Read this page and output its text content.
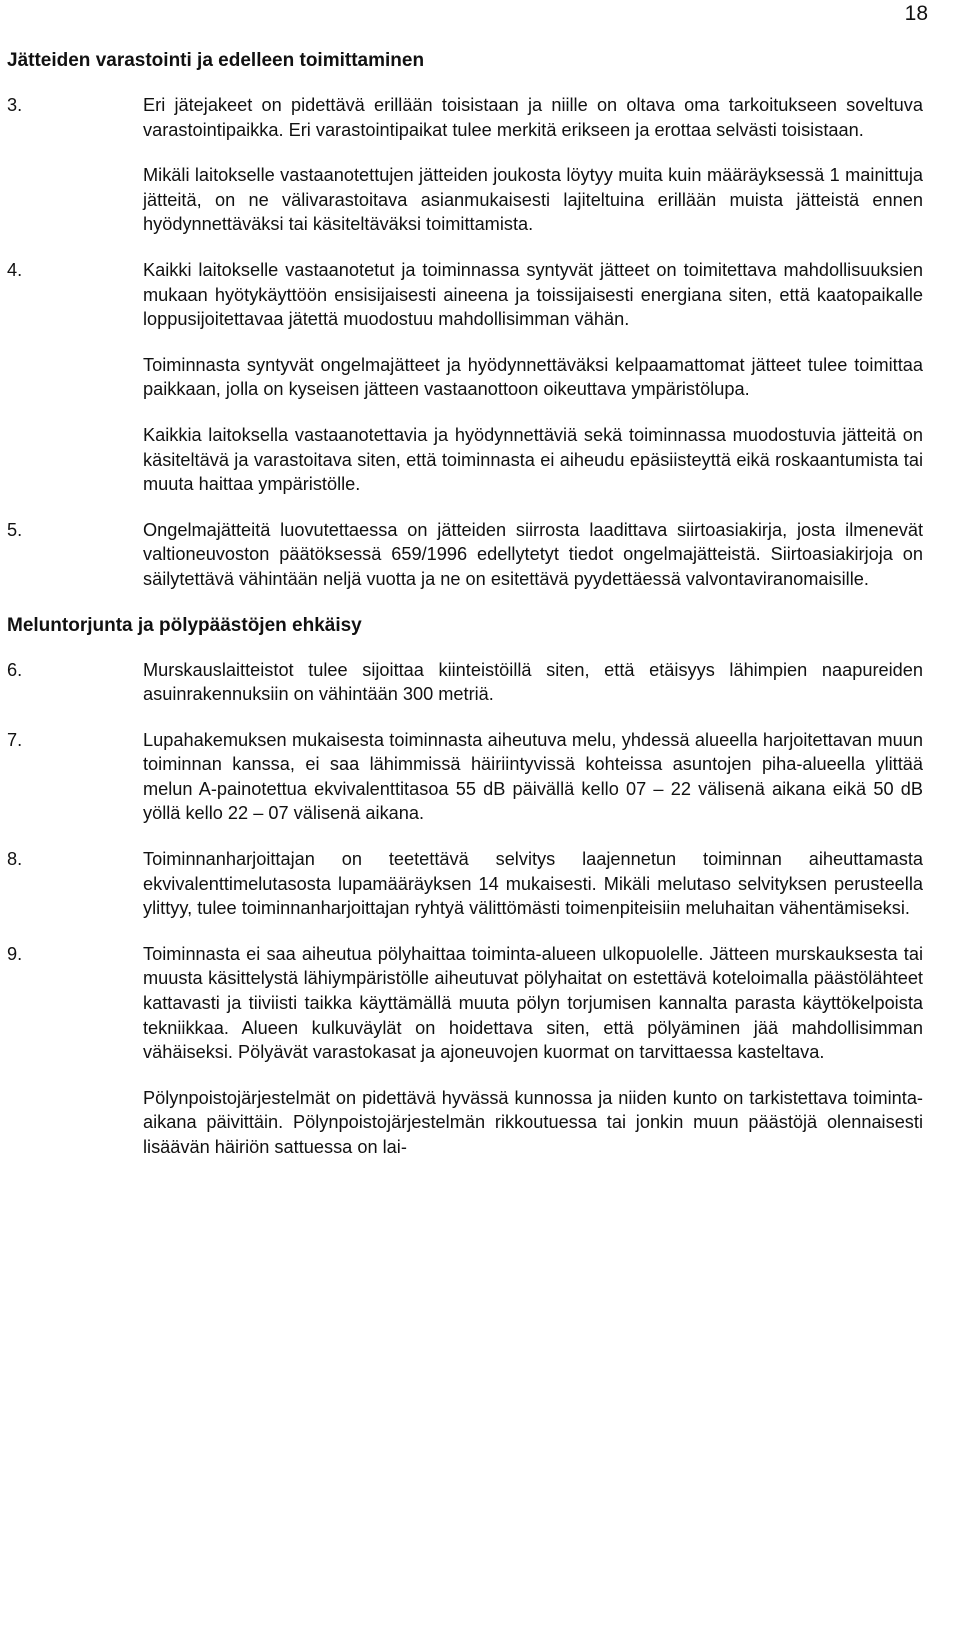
18
Jätteiden varastointi ja edelleen toimittaminen
3.	Eri jätejakeet on pidettävä erillään toisistaan ja niille on oltava oma tarkoitukseen soveltuva varastointipaikka. Eri varastointipaikat tulee merkitä erikseen ja erottaa selvästi toisistaan.

Mikäli laitokselle vastaanotettujen jätteiden joukosta löytyy muita kuin määräyksessä 1 mainittuja jätteitä, on ne välivarastoitava asianmukaisesti lajiteltuina erillään muista jätteistä ennen hyödynnettäväksi tai käsiteltäväksi toimittamista.

4.	Kaikki laitokselle vastaanotetut ja toiminnassa syntyvät jätteet on toimitettava mahdollisuuksien mukaan hyötykäyttöön ensisijaisesti aineena ja toissijaisesti energiana siten, että kaatopaikalle loppusijoitettavaa jätettä muodostuu mahdollisimman vähän.

Toiminnasta syntyvät ongelmajätteet ja hyödynnettäväksi kelpaamattomat jätteet tulee toimittaa paikkaan, jolla on kyseisen jätteen vastaanottoon oikeuttava ympäristölupa.

Kaikkia laitoksella vastaanotettavia ja hyödynnettäviä sekä toiminnassa muodostuvia jätteitä on käsiteltävä ja varastoitava siten, että toiminnasta ei aiheudu epäsiisteyttä eikä roskaantumista tai muuta haittaa ympäristölle.

5.	Ongelmajätteitä luovutettaessa on jätteiden siirrosta laadittava siirtoasiakirja, josta ilmenevät valtioneuvoston päätöksessä 659/1996 edellytetyt tiedot ongelmajätteistä. Siirtoasiakirjoja on säilytettävä vähintään neljä vuotta ja ne on esitettävä pyydettäessä valvontaviranomaisille.

Meluntorjunta ja pölypäästöjen ehkäisy
6.	Murskauslaitteistot tulee sijoittaa kiinteistöillä siten, että etäisyys lähimpien naapureiden asuinrakennuksiin on vähintään 300 metriä.

7.	Lupahakemuksen mukaisesta toiminnasta aiheutuva melu, yhdessä alueella harjoitettavan muun toiminnan kanssa, ei saa lähimmissä häiriintyvissä kohteissa asuntojen piha-alueella ylittää melun A-painotettua ekvivalenttitasoa 55 dB päivällä kello 07 – 22 välisenä aikana eikä 50 dB yöllä kello 22 – 07 välisenä aikana.

8.	Toiminnanharjoittajan on teetettävä selvitys laajennetun toiminnan aiheuttamasta ekvivalenttimelutasosta lupamääräyksen 14 mukaisesti. Mikäli melutaso selvityksen perusteella ylittyy, tulee toiminnanharjoittajan ryhtyä välittömästi toimenpiteisiin meluhaitan vähentämiseksi.

9.	Toiminnasta ei saa aiheutua pölyhaittaa toiminta-alueen ulkopuolelle. Jätteen murskauksesta tai muusta käsittelystä lähiympäristölle aiheutuvat pölyhaitat on estettävä koteloimalla päästölähteet kattavasti ja tiiviisti taikka käyttämällä muuta pölyn torjumisen kannalta parasta käyttökelpoista tekniikkaa. Alueen kulkuväylät on hoidettava siten, että pölyäminen jää mahdollisimman vähäiseksi. Pölyävät varastokasat ja ajoneuvojen kuormat on tarvittaessa kasteltava.

Pölynpoistojärjestelmät on pidettävä hyvässä kunnossa ja niiden kunto on tarkistettava toiminta-aikana päivittäin. Pölynpoistojärjestelmän rikkoutuessa tai jonkin muun päästöjä olennaisesti lisäävän häiriön sattuessa on lai-
